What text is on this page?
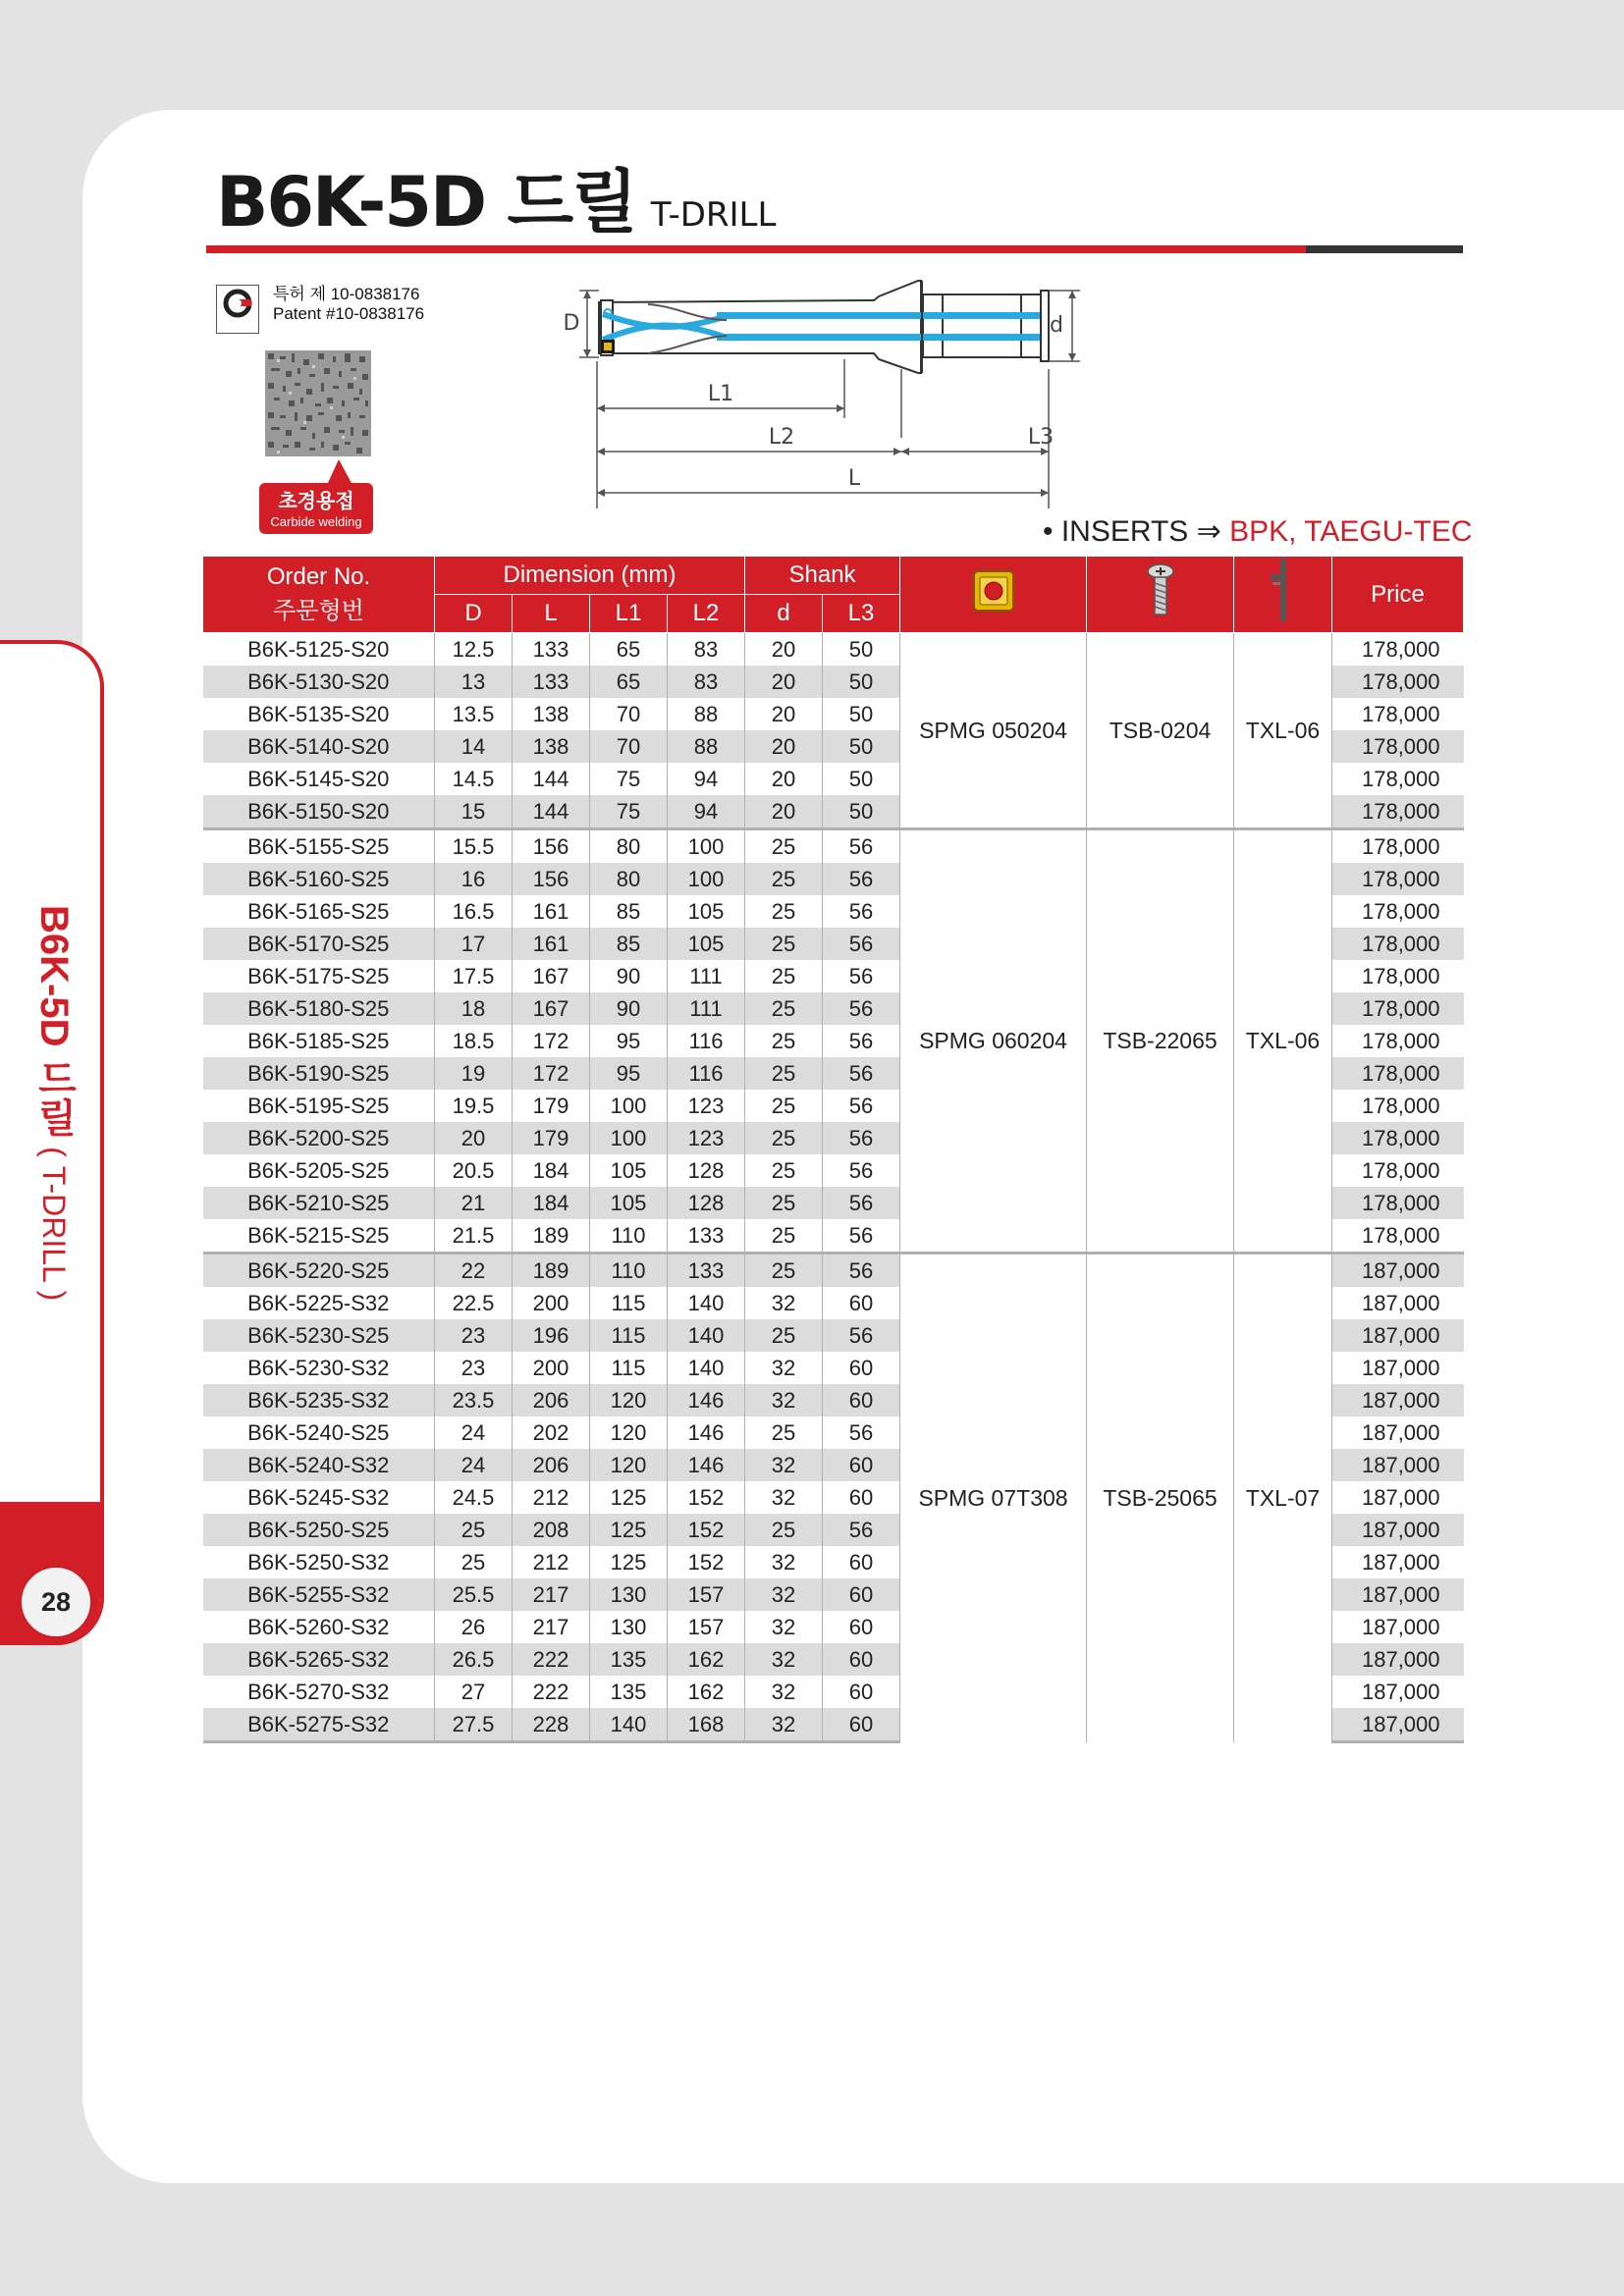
B6K-5D 드릴 ( T-DRILL )
28
B6K-5D 드릴 T-DRILL
특허 제 10-0838176
Patent #10-0838176
초경용접
Carbide welding
D	d
L1
L2	L3
L
• INSERTS ⇒ BPK, TAEGU-TEC
Order No.
주문형번	Dimension (mm)				Shank					Price
	D	L	L1	L2	d	L3				
B6K-5125-S20	12.5	133	65	83	20	50	SPMG 050204	TSB-0204	TXL-06	178,000
B6K-5130-S20	13	133	65	83	20	50				178,000
B6K-5135-S20	13.5	138	70	88	20	50				178,000
B6K-5140-S20	14	138	70	88	20	50				178,000
B6K-5145-S20	14.5	144	75	94	20	50				178,000
B6K-5150-S20	15	144	75	94	20	50				178,000
B6K-5155-S25	15.5	156	80	100	25	56	SPMG 060204	TSB-22065	TXL-06	178,000
B6K-5160-S25	16	156	80	100	25	56				178,000
B6K-5165-S25	16.5	161	85	105	25	56				178,000
B6K-5170-S25	17	161	85	105	25	56				178,000
B6K-5175-S25	17.5	167	90	111	25	56				178,000
B6K-5180-S25	18	167	90	111	25	56				178,000
B6K-5185-S25	18.5	172	95	116	25	56				178,000
B6K-5190-S25	19	172	95	116	25	56				178,000
B6K-5195-S25	19.5	179	100	123	25	56				178,000
B6K-5200-S25	20	179	100	123	25	56				178,000
B6K-5205-S25	20.5	184	105	128	25	56				178,000
B6K-5210-S25	21	184	105	128	25	56				178,000
B6K-5215-S25	21.5	189	110	133	25	56				178,000
B6K-5220-S25	22	189	110	133	25	56	SPMG 07T308	TSB-25065	TXL-07	187,000
B6K-5225-S32	22.5	200	115	140	32	60				187,000
B6K-5230-S25	23	196	115	140	25	56				187,000
B6K-5230-S32	23	200	115	140	32	60				187,000
B6K-5235-S32	23.5	206	120	146	32	60				187,000
B6K-5240-S25	24	202	120	146	25	56				187,000
B6K-5240-S32	24	206	120	146	32	60				187,000
B6K-5245-S32	24.5	212	125	152	32	60				187,000
B6K-5250-S25	25	208	125	152	25	56				187,000
B6K-5250-S32	25	212	125	152	32	60				187,000
B6K-5255-S32	25.5	217	130	157	32	60				187,000
B6K-5260-S32	26	217	130	157	32	60				187,000
B6K-5265-S32	26.5	222	135	162	32	60				187,000
B6K-5270-S32	27	222	135	162	32	60				187,000
B6K-5275-S32	27.5	228	140	168	32	60				187,000
